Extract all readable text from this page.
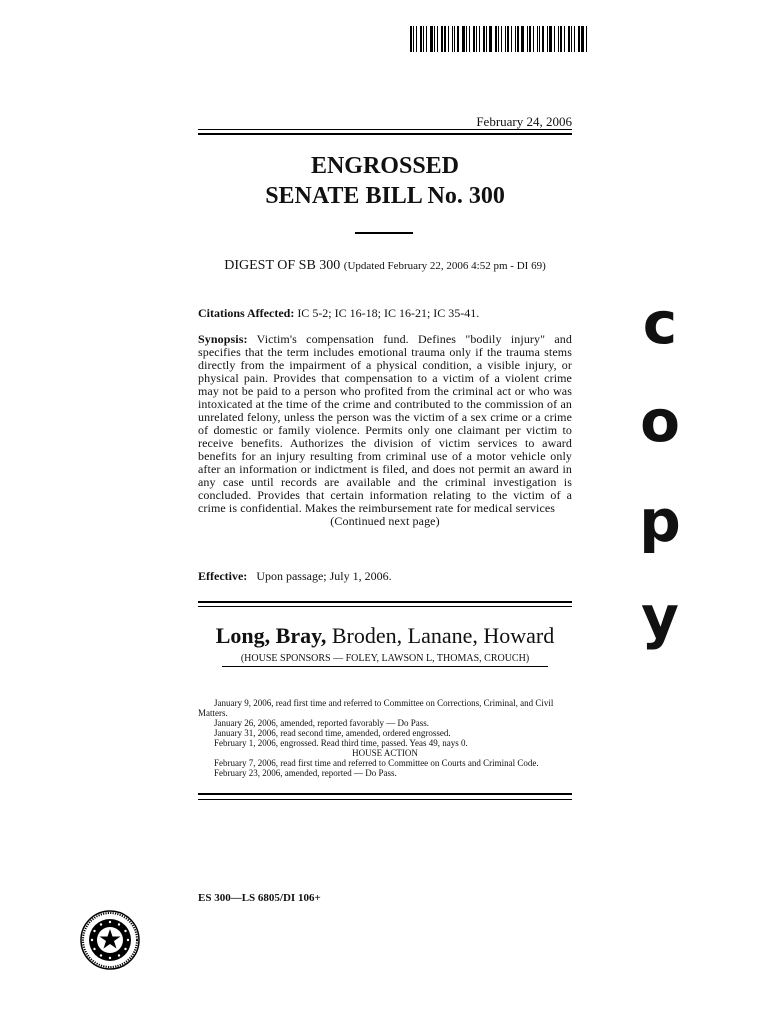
February 24, 2006
ENGROSSED
SENATE BILL No. 300
DIGEST OF SB 300 (Updated February 22, 2006 4:52 pm - DI 69)
Citations Affected: IC 5-2; IC 16-18; IC 16-21; IC 35-41.
Synopsis: Victim's compensation fund. Defines "bodily injury" and specifies that the term includes emotional trauma only if the trauma stems directly from the impairment of a physical condition, a visible injury, or physical pain. Provides that compensation to a victim of a violent crime may not be paid to a person who profited from the criminal act or who was intoxicated at the time of the crime and contributed to the commission of an unrelated felony, unless the person was the victim of a sex crime or a crime of domestic or family violence. Permits only one claimant per victim to receive benefits. Authorizes the division of victim services to award benefits for an injury resulting from criminal use of a motor vehicle only after an information or indictment is filed, and does not permit an award in any case until records are available and the criminal investigation is concluded. Provides that certain information relating to the victim of a crime is confidential. Makes the reimbursement rate for medical services
(Continued next page)
Effective: Upon passage; July 1, 2006.
Long, Bray, Broden, Lanane, Howard
(HOUSE SPONSORS — FOLEY, LAWSON L, THOMAS, CROUCH)
January 9, 2006, read first time and referred to Committee on Corrections, Criminal, and Civil Matters.
January 26, 2006, amended, reported favorably — Do Pass.
January 31, 2006, read second time, amended, ordered engrossed.
February 1, 2006, engrossed. Read third time, passed. Yeas 49, nays 0.
HOUSE ACTION
February 7, 2006, read first time and referred to Committee on Courts and Criminal Code.
February 23, 2006, amended, reported — Do Pass.
ES 300—LS 6805/DI 106+
c
o
p
y
